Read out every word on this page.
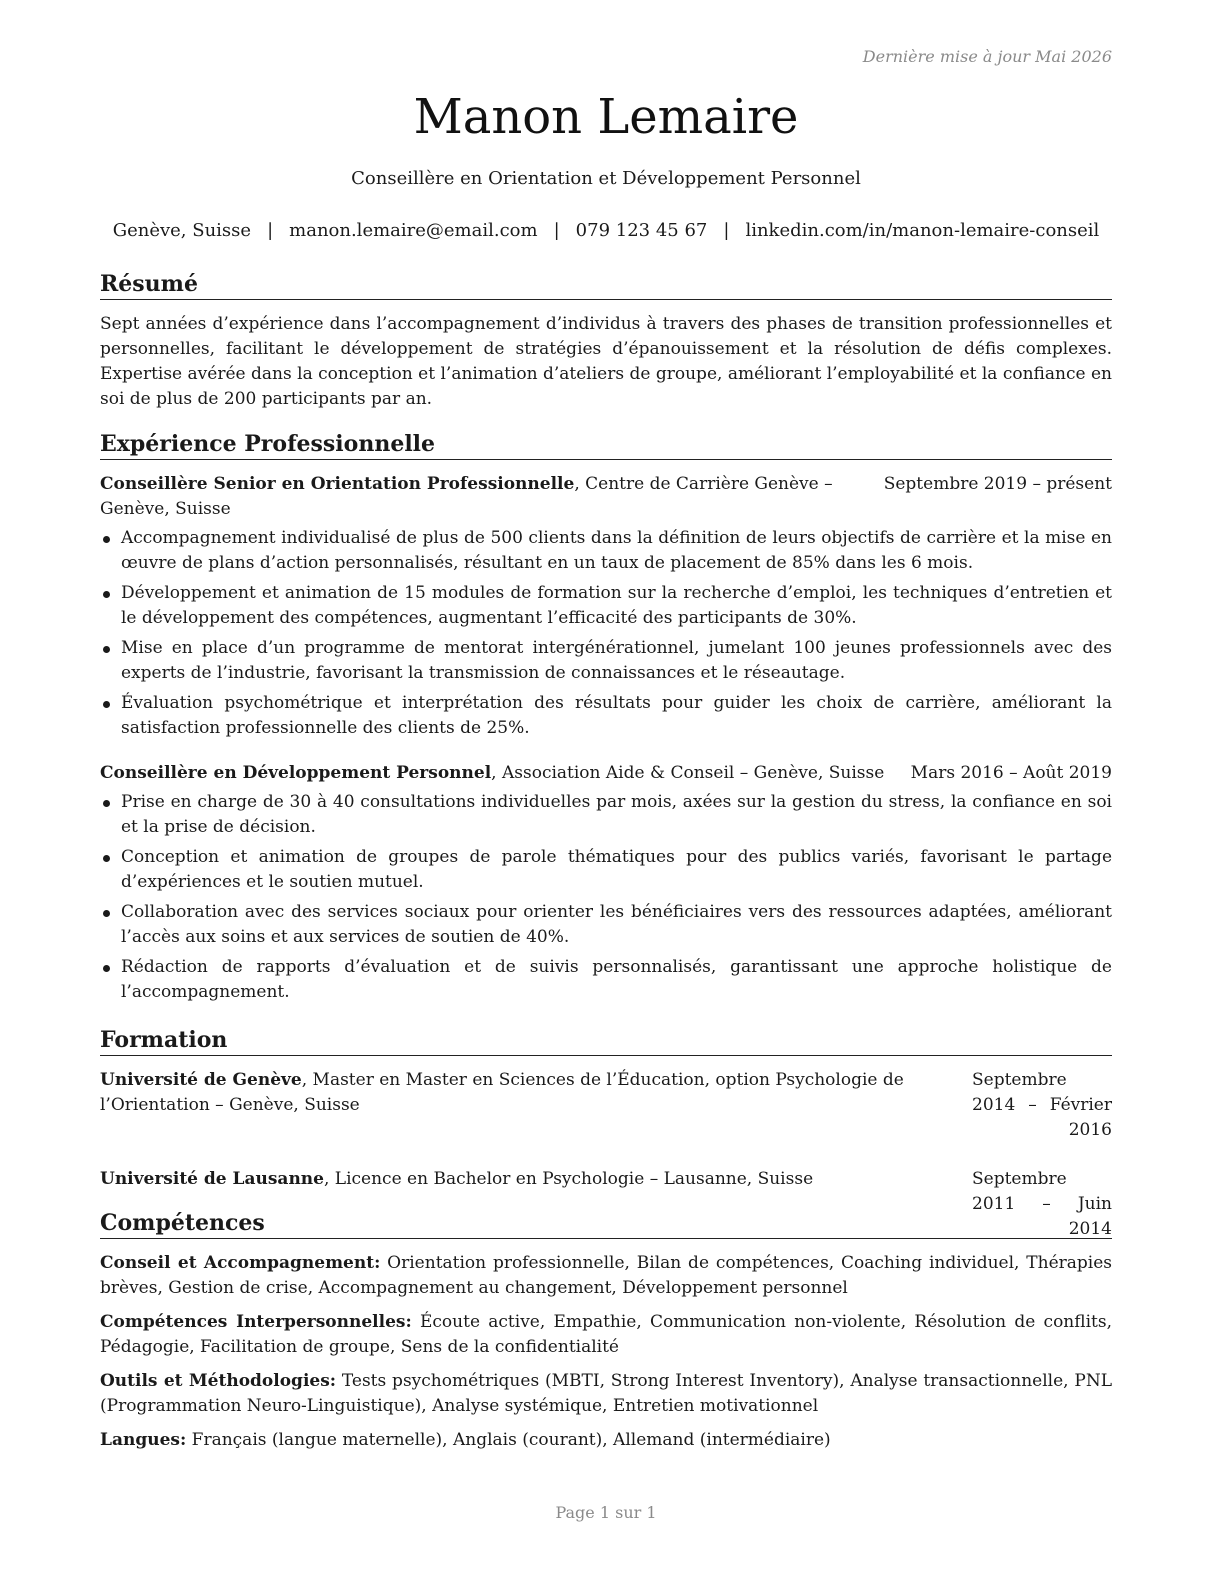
Dernière mise à jour Mai 2026
Manon Lemaire
Conseillère en Orientation et Développement Personnel
Genève, Suisse | manon.lemaire@email.com | 079 123 45 67 | linkedin.com/in/manon-lemaire-conseil
Résumé

Sept années d’expérience dans l’accompagnement d’individus à travers des phases de transition professionnelles et personnelles, facilitant le développement de stratégies d’épanouissement et la résolution de défis complexes. Expertise avérée dans la conception et l’animation d’ateliers de groupe, améliorant l’employabilité et la confiance en soi de plus de 200 participants par an.

Expérience Professionnelle
Conseillère Senior en Orientation Professionnelle, Centre de Carrière Genève – Genève, Suisse
Septembre 2019 – présent
Accompagnement individualisé de plus de 500 clients dans la définition de leurs objectifs de carrière et la mise en œuvre de plans d’action personnalisés, résultant en un taux de placement de 85% dans les 6 mois.
Développement et animation de 15 modules de formation sur la recherche d’emploi, les techniques d’entretien et le développement des compétences, augmentant l’efficacité des participants de 30%.
Mise en place d’un programme de mentorat intergénérationnel, jumelant 100 jeunes professionnels avec des experts de l’industrie, favorisant la transmission de connaissances et le réseautage.
Évaluation psychométrique et interprétation des résultats pour guider les choix de carrière, améliorant la satisfaction professionnelle des clients de 25%.
Conseillère en Développement Personnel, Association Aide & Conseil – Genève, Suisse	Mars 2016 – Août 2019
Prise en charge de 30 à 40 consultations individuelles par mois, axées sur la gestion du stress, la confiance en soi et la prise de décision.
Conception et animation de groupes de parole thématiques pour des publics variés, favorisant le partage d’expériences et le soutien mutuel.
Collaboration avec des services sociaux pour orienter les bénéficiaires vers des ressources adaptées, améliorant l’accès aux soins et aux services de soutien de 40%.
Rédaction de rapports d’évaluation et de suivis personnalisés, garantissant une approche holistique de l’accompagnement.
Formation
Université de Genève, Master en Master en Sciences de l’Éducation, option Psychologie de l’Orientation – Genève, Suisse
Septembre 2014 – Février 2016
Université de Lausanne, Licence en Bachelor en Psychologie – Lausanne, Suisse	Septembre 2011 – Juin 2014
Compétences

Conseil et Accompagnement: Orientation professionnelle, Bilan de compétences, Coaching individuel, Thérapies brèves, Gestion de crise, Accompagnement au changement, Développement personnel

Compétences Interpersonnelles: Écoute active, Empathie, Communication non-violente, Résolution de conflits, Pédagogie, Facilitation de groupe, Sens de la confidentialité

Outils et Méthodologies: Tests psychométriques (MBTI, Strong Interest Inventory), Analyse transactionnelle, PNL (Programmation Neuro-Linguistique), Analyse systémique, Entretien motivationnel

Langues: Français (langue maternelle), Anglais (courant), Allemand (intermédiaire)

Page 1 sur 1
